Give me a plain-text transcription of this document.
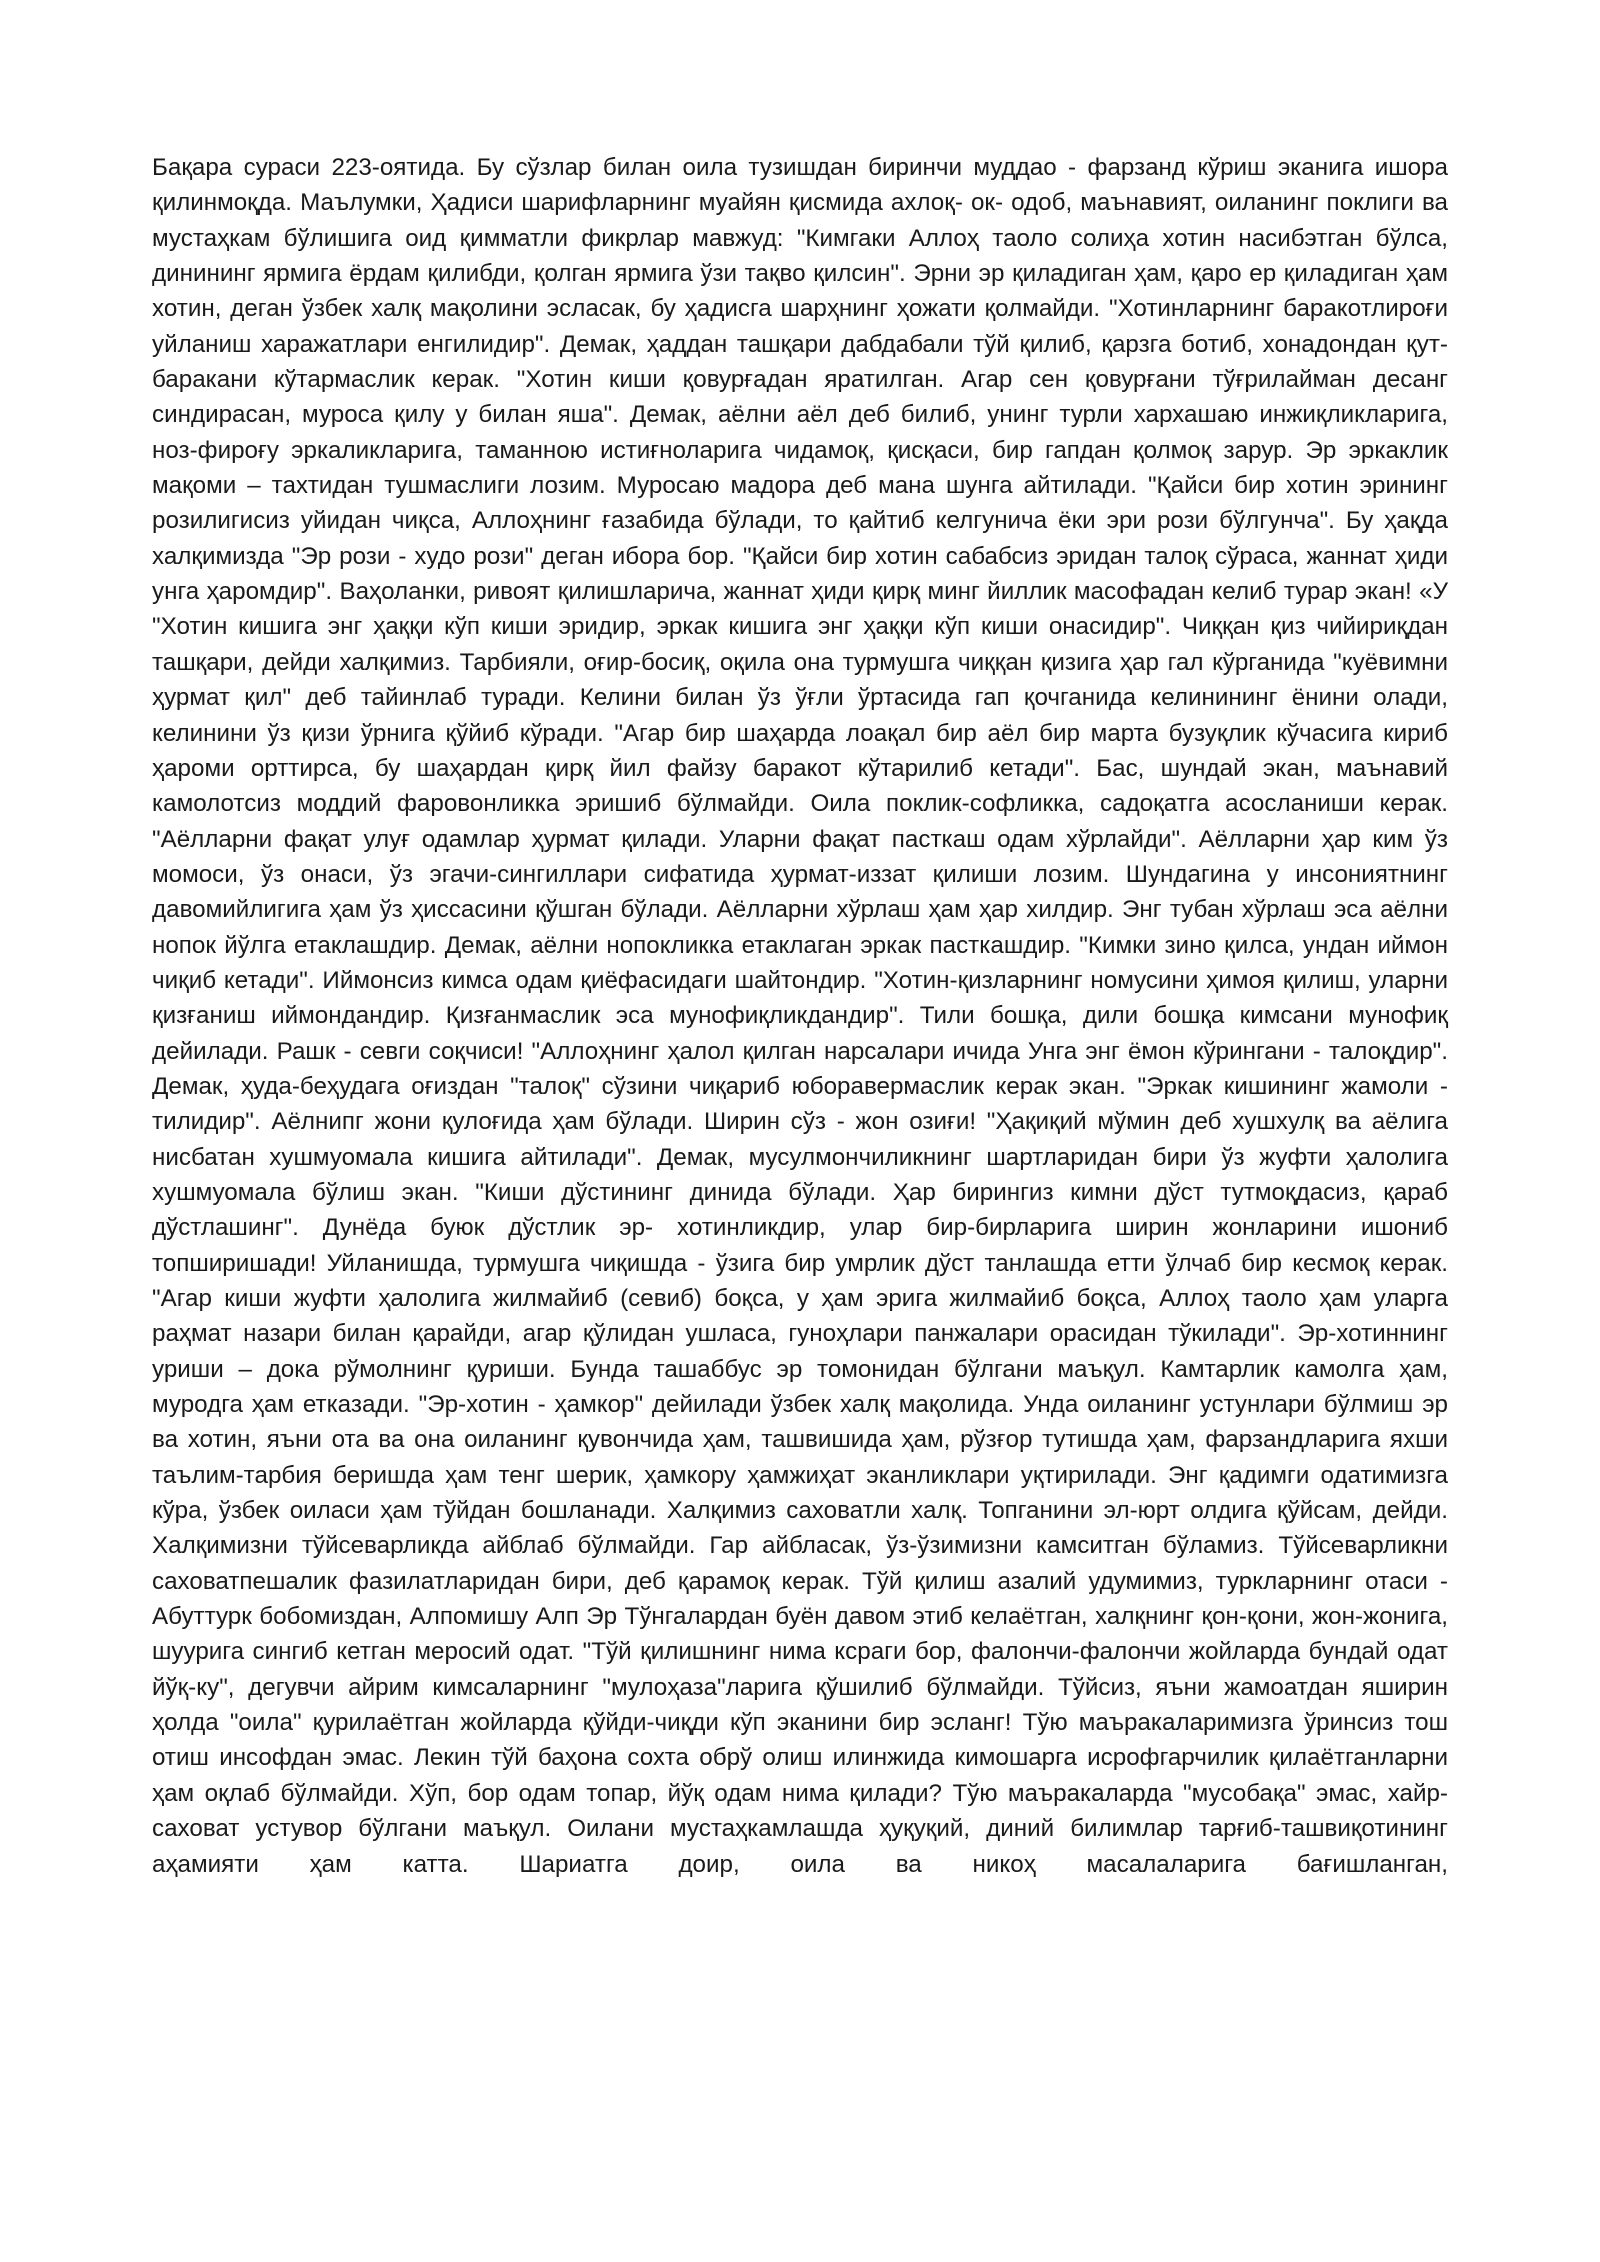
Бақара сураси 223-оятида. Бу сўзлар билан оила тузишдан биринчи муддао - фарзанд кўриш эканига ишора қилинмоқда. Маълумки, Ҳадиси шарифларнинг муайян қисмида ахлоқ- ок- одоб, маънавият, оиланинг поклиги ва мустаҳкам бўлишига оид қимматли фикрлар мавжуд: "Кимгаки Аллоҳ таоло солиҳа хотин насибэтган бўлса, динининг ярмига ёрдам қилибди, қолган ярмига ўзи тақво қилсин". Эрни эр қиладиган ҳам, қаро ер қиладиган ҳам хотин, деган ўзбек халқ мақолини эсласак, бу ҳадисга шарҳнинг ҳожати қолмайди. "Хотинларнинг баракотлироғи уйланиш харажатлари енгилидир". Демак, ҳаддан ташқари дабдабали тўй қилиб, қарзга ботиб, хонадондан қут-баракани кўтармаслик керак. "Хотин киши қовурғадан яратилган. Агар сен қовурғани тўғрилайман десанг синдирасан, муроса қилу у билан яша". Демак, аёлни аёл деб билиб, унинг турли хархашаю инжиқликларига, ноз-фироғу эркаликларига, таманнoю истиғноларига чидамоқ, қисқаси, бир гапдан қолмоқ зарур. Эр эркаклик мақоми – тахтидан тушмаслиги лозим. Муросаю мадора деб мана шунга айтилади. "Қайси бир хотин эрининг розилигисиз уйидан чиқса, Аллоҳнинг ғазабида бўлади, то қайтиб келгунича ёки эри рози бўлгунча". Бу ҳақда халқимизда "Эр рози - худо рози" деган ибора бор. "Қайси бир хотин сабабсиз эридан талоқ сўраса, жаннат ҳиди унга ҳаромдир". Ваҳоланки, ривоят қилишларича, жаннат ҳиди қирқ минг йиллик масофадан келиб турар экан! «У "Хотин кишига энг ҳаққи кўп киши эридир, эркак кишига энг ҳаққи кўп киши онасидир". Чиққан қиз чийириқдан ташқари, дейди халқимиз. Тарбияли, оғир-босиқ, оқила она турмушга чиққан қизига ҳар гал кўрганида "куёвимни ҳурмат қил" деб тайинлаб туради. Келини билан ўз ўғли ўртасида гап қочганида келинининг ёнини олади, келинини ўз қизи ўрнига қўйиб кўради. "Агар бир шаҳарда лоақал бир аёл бир марта бузуқлик кўчасига кириб ҳароми орттирса, бу шаҳардан қирқ йил файзу баракот кўтарилиб кетади". Бас, шундай экан, маънавий камолотсиз моддий фаровонликка эришиб бўлмайди. Оила поклик-софликка, садоқатга асосланиши керак. "Аёлларни фақат улуғ одамлар ҳурмат қилади. Уларни фақат пасткаш одам хўрлайди". Аёлларни ҳар ким ўз момоси, ўз онаси, ўз эгачи-сингиллари сифатида ҳурмат-иззат қилиши лозим. Шундагина у инсониятнинг давомийлигига ҳам ўз ҳиссасини қўшган бўлади. Аёлларни хўрлаш ҳам ҳар хилдир. Энг тубан хўрлаш эса аёлни нопок йўлга етаклашдир. Демак, аёлни нопокликка етаклаган эркак пасткашдир. "Кимки зино қилса, ундан иймон чиқиб кетади". Иймонсиз кимса одам қиёфасидаги шайтондир. "Хотин-қизларнинг номусини ҳимоя қилиш, уларни қизғаниш иймондандир. Қизғанмаслик эса мунофиқликдандир". Тили бошқа, дили бошқа кимсани мунофиқ дейилади. Рашк - севги соқчиси! "Аллоҳнинг ҳалол қилган нарсалари ичида Унга энг ёмон кўрингани - талоқдир". Демак, ҳуда-беҳудага оғиздан "талоқ" сўзини чиқариб юборавермаслик керак экан. "Эркак кишининг жамоли - тилидир". Аёлнипг жони қулоғида ҳам бўлади. Ширин сўз - жон озиғи! "Ҳақиқий мўмин деб хушхулқ ва аёлига нисбатан хушмуомала кишига айтилади". Демак, мусулмончиликнинг шартларидан бири ўз жуфти ҳалолига хушмуомала бўлиш экан. "Киши дўстининг динида бўлади. Ҳар бирингиз кимни дўст тутмоқдасиз, қараб дўстлашинг". Дунёда буюк дўстлик эр- хотинликдир, улар бир-бирларига ширин жонларини ишониб топширишади! Уйланишда, турмушга чиқишда - ўзига бир умрлик дўст танлашда етти ўлчаб бир кесмоқ керак. "Агар киши жуфти ҳалолига жилмайиб (севиб) боқса, у ҳам эрига жилмайиб боқса, Аллоҳ таоло ҳам уларга раҳмат назари билан қарайди, агар қўлидан ушласа, гуноҳлари панжалари орасидан тўкилади". Эр-хотиннинг уриши – дока рўмолнинг қуриши. Бунда ташаббус эр томонидан бўлгани маъқул. Камтарлик камолга ҳам, муродга ҳам етказади. "Эр-хотин - ҳамкор" дейилади ўзбек халқ мақолида. Унда оиланинг устунлари бўлмиш эр ва хотин, яъни ота ва она оиланинг қувончида ҳам, ташвишида ҳам, рўзғор тутишда ҳам, фарзандларига яхши таълим-тарбия беришда ҳам тенг шерик, ҳамкору ҳамжиҳат эканликлари уқтирилади. Энг қадимги одатимизга кўра, ўзбек оиласи ҳам тўйдан бошланади. Халқимиз саховатли халқ. Топганини эл-юрт олдига қўйсам, дейди. Халқимизни тўйсеварликда айблаб бўлмайди. Гар айбласак, ўз-ўзимизни камситган бўламиз. Тўйсеварликни саховатпешалик фазилатларидан бири, деб қарамоқ керак. Тўй қилиш азалий удумимиз, туркларнинг отаси - Абуттурк бобомиздан, Алпомишу Алп Эр Тўнгалардан буён давом этиб келаётган, халқнинг қон-қони, жон-жонига, шуурига сингиб кетган меросий одат. "Тўй қилишнинг нима ксраги бор, фалончи-фалончи жойларда бундай одат йўқ-ку", дегувчи айрим кимсаларнинг "мулоҳаза"ларига қўшилиб бўлмайди. Тўйсиз, яъни жамоатдан яширин ҳолда "оила" қурилаётган жойларда қўйди-чиқди кўп эканини бир эсланг! Тўю маъракаларимизга ўринсиз тош отиш инсофдан эмас. Лекин тўй баҳона сохта обрў олиш илинжида кимошарга исрофгарчилик қилаётганларни ҳам оқлаб бўлмайди. Хўп, бор одам топар, йўқ одам нима қилади? Тўю маъракаларда "мусобақа" эмас, хайр-саховат устувор бўлгани маъқул. Оилани мустаҳкамлашда ҳуқуқий, диний билимлар тарғиб-ташвиқотининг аҳамияти ҳам катта. Шариатга доир, оила ва никоҳ масалаларига бағишланган,
